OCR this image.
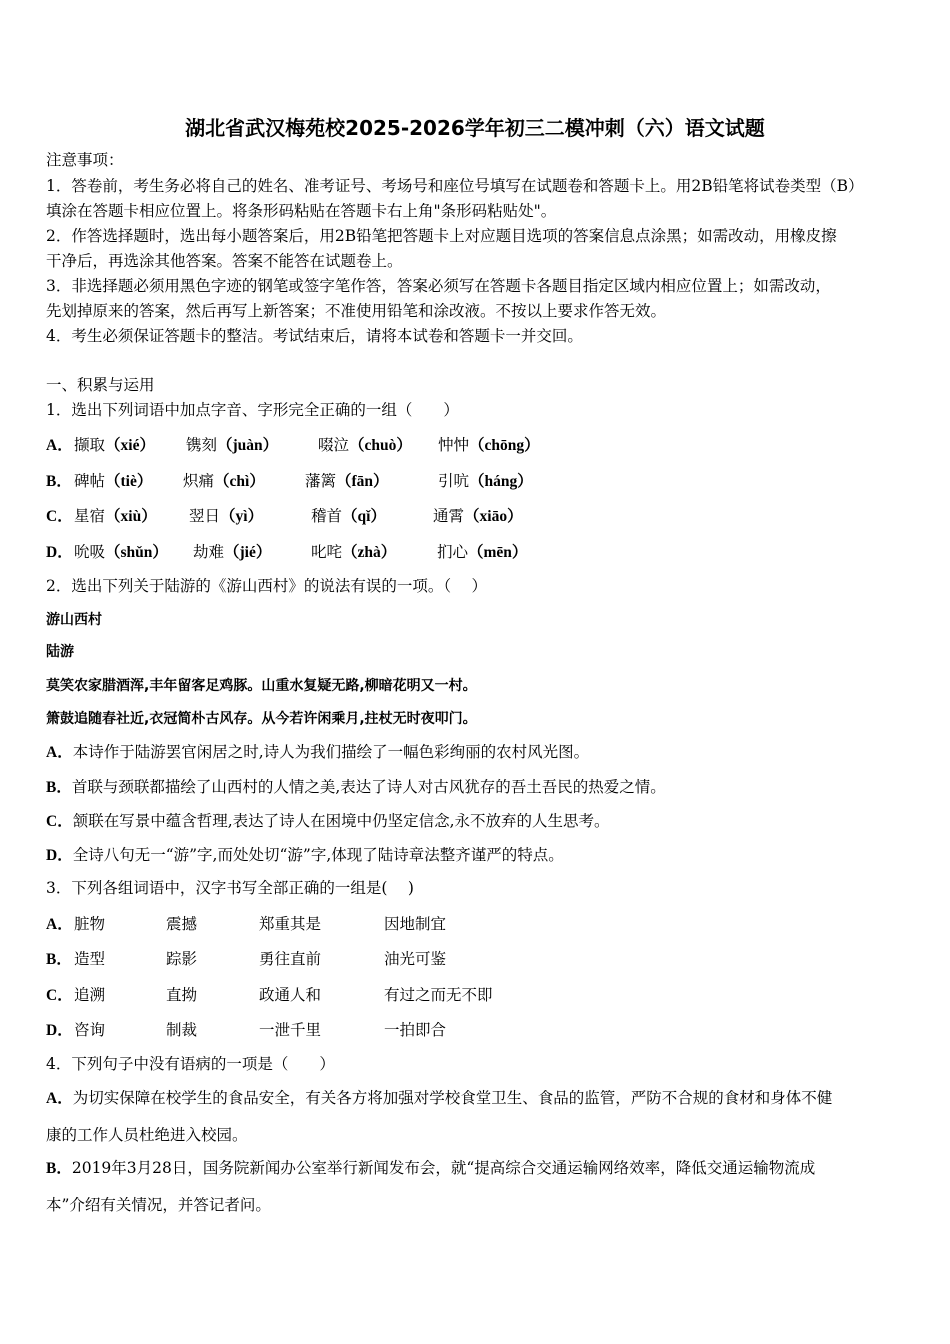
湖北省武汉梅苑校2025-2026学年初三二模冲刺（六）语文试题
注意事项：
1．答卷前，考生务必将自己的姓名、准考证号、考场号和座位号填写在试题卷和答题卡上。用2B铅笔将试卷类型（B）
填涂在答题卡相应位置上。将条形码粘贴在答题卡右上角"条形码粘贴处"。
2．作答选择题时，选出每小题答案后，用2B铅笔把答题卡上对应题目选项的答案信息点涂黑；如需改动，用橡皮擦
干净后，再选涂其他答案。答案不能答在试题卷上。
3．非选择题必须用黑色字迹的钢笔或签字笔作答，答案必须写在答题卡各题目指定区域内相应位置上；如需改动，
先划掉原来的答案，然后再写上新答案；不准使用铅笔和涂改液。不按以上要求作答无效。
4．考生必须保证答题卡的整洁。考试结束后，请将本试卷和答题卡一并交回。
一、积累与运用
1．选出下列词语中加点字音、字形完全正确的一组（　　）
A． 撷取（xié） 镌刻（juàn）	啜泣（chuò） 忡忡（chōng）
B． 碑帖（tiè） 炽痛（chì）	藩篱（fān）	引吭（háng）
C． 星宿（xiù） 翌日（yì）	稽首（qǐ）	通霄（xiāo）
D． 吮吸（shǔn） 劫难（jié）	叱咤（zhà）	扪心（mēn）
2．选出下列关于陆游的《游山西村》的说法有误的一项。（　 ）
游山西村
陆游
莫笑农家腊酒浑,丰年留客足鸡豚。山重水复疑无路,柳暗花明又一村。
箫鼓追随春社近,衣冠简朴古风存。从今若许闲乘月,拄杖无时夜叩门。
A．本诗作于陆游罢官闲居之时,诗人为我们描绘了一幅色彩绚丽的农村风光图。
B．首联与颈联都描绘了山西村的人情之美,表达了诗人对古风犹存的吾土吾民的热爱之情。
C．颔联在写景中蕴含哲理,表达了诗人在困境中仍坚定信念,永不放弃的人生思考。
D．全诗八句无一“游”字,而处处切“游”字,体现了陆诗章法整齐谨严的特点。
3．下列各组词语中，汉字书写全部正确的一组是(　 )
A． 脏物	震撼	郑重其是	因地制宜
B． 造型	踪影	勇往直前	油光可鉴
C． 追溯	直拗	政通人和	有过之而无不即
D． 咨询	制裁	一泄千里	一拍即合
4．下列句子中没有语病的一项是（　　）
A．为切实保障在校学生的食品安全，有关各方将加强对学校食堂卫生、食品的监管，严防不合规的食材和身体不健
康的工作人员杜绝进入校园。
B．2019年3月28日，国务院新闻办公室举行新闻发布会，就“提高综合交通运输网络效率，降低交通运输物流成
本”介绍有关情况，并答记者问。
